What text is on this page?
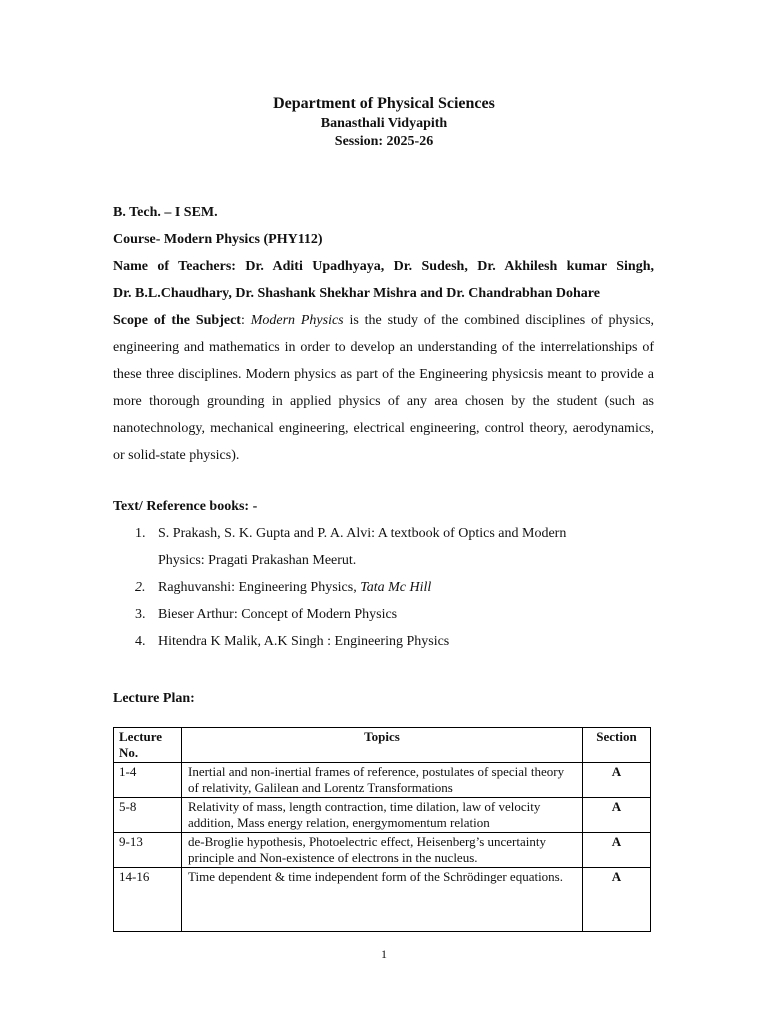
Department of Physical Sciences
Banasthali Vidyapith
Session: 2025-26
B. Tech. – I SEM.
Course- Modern Physics (PHY112)
Name of Teachers: Dr. Aditi Upadhyaya, Dr. Sudesh, Dr. Akhilesh kumar Singh,
Dr. B.L.Chaudhary, Dr. Shashank Shekhar Mishra and Dr. Chandrabhan Dohare
Scope of the Subject: Modern Physics is the study of the combined disciplines of physics, engineering and mathematics in order to develop an understanding of the interrelationships of these three disciplines. Modern physics as part of the Engineering physicsis meant to provide a more thorough grounding in applied physics of any area chosen by the student (such as nanotechnology, mechanical engineering, electrical engineering, control theory, aerodynamics, or solid-state physics).
Text/ Reference books: -
1. S. Prakash, S. K. Gupta and P. A. Alvi: A textbook of Optics and Modern
Physics: Pragati Prakashan Meerut.
2. Raghuvanshi: Engineering Physics, Tata Mc Hill
3. Bieser Arthur: Concept of Modern Physics
4. Hitendra K Malik, A.K Singh : Engineering Physics
Lecture Plan:
Lecture No.	Topics	Section
1-4	Inertial and non-inertial frames of reference, postulates of special theory of relativity, Galilean and Lorentz Transformations	A
5-8	Relativity of mass, length contraction, time dilation, law of velocity addition, Mass energy relation, energymomentum relation	A
9-13	de-Broglie hypothesis, Photoelectric effect, Heisenberg’s uncertainty principle and Non-existence of electrons in the nucleus.	A
14-16	Time dependent & time independent form of the Schrödinger equations.	A
1
